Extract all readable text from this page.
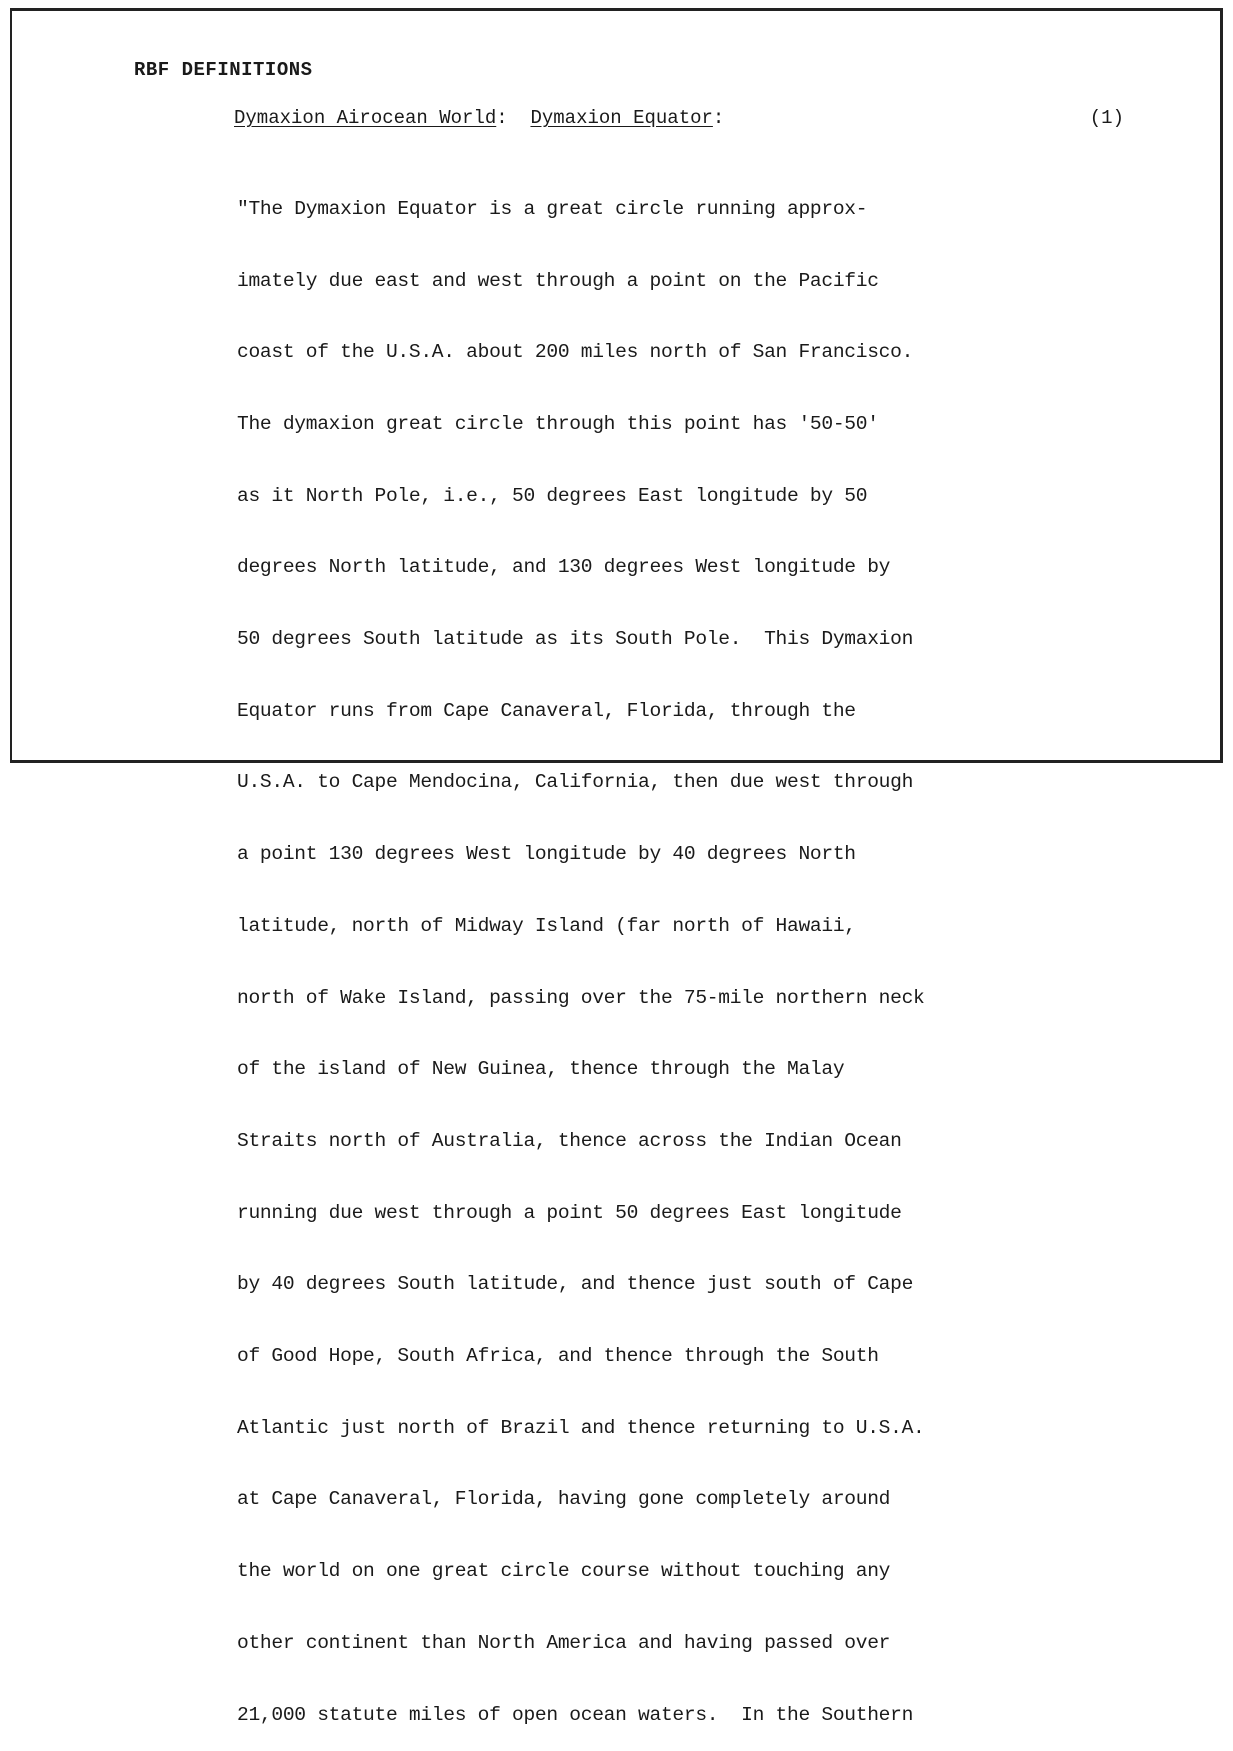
RBF DEFINITIONS
Dymaxion Airocean World: Dymaxion Equator:	(1)

"The Dymaxion Equator is a great circle running approx-

imately due east and west through a point on the Pacific

coast of the U.S.A. about 200 miles north of San Francisco.

The dymaxion great circle through this point has '50-50'

as it North Pole, i.e., 50 degrees East longitude by 50

degrees North latitude, and 130 degrees West longitude by

50 degrees South latitude as its South Pole.  This Dymaxion

Equator runs from Cape Canaveral, Florida, through the

U.S.A. to Cape Mendocina, California, then due west through

a point 130 degrees West longitude by 40 degrees North

latitude, north of Midway Island (far north of Hawaii,

north of Wake Island, passing over the 75-mile northern neck

of the island of New Guinea, thence through the Malay

Straits north of Australia, thence across the Indian Ocean

running due west through a point 50 degrees East longitude

by 40 degrees South latitude, and thence just south of Cape

of Good Hope, South Africa, and thence through the South

Atlantic just north of Brazil and thence returning to U.S.A.

at Cape Canaveral, Florida, having gone completely around

the world on one great circle course without touching any

other continent than North America and having passed over

21,000 statute miles of open ocean waters.  In the Southern
